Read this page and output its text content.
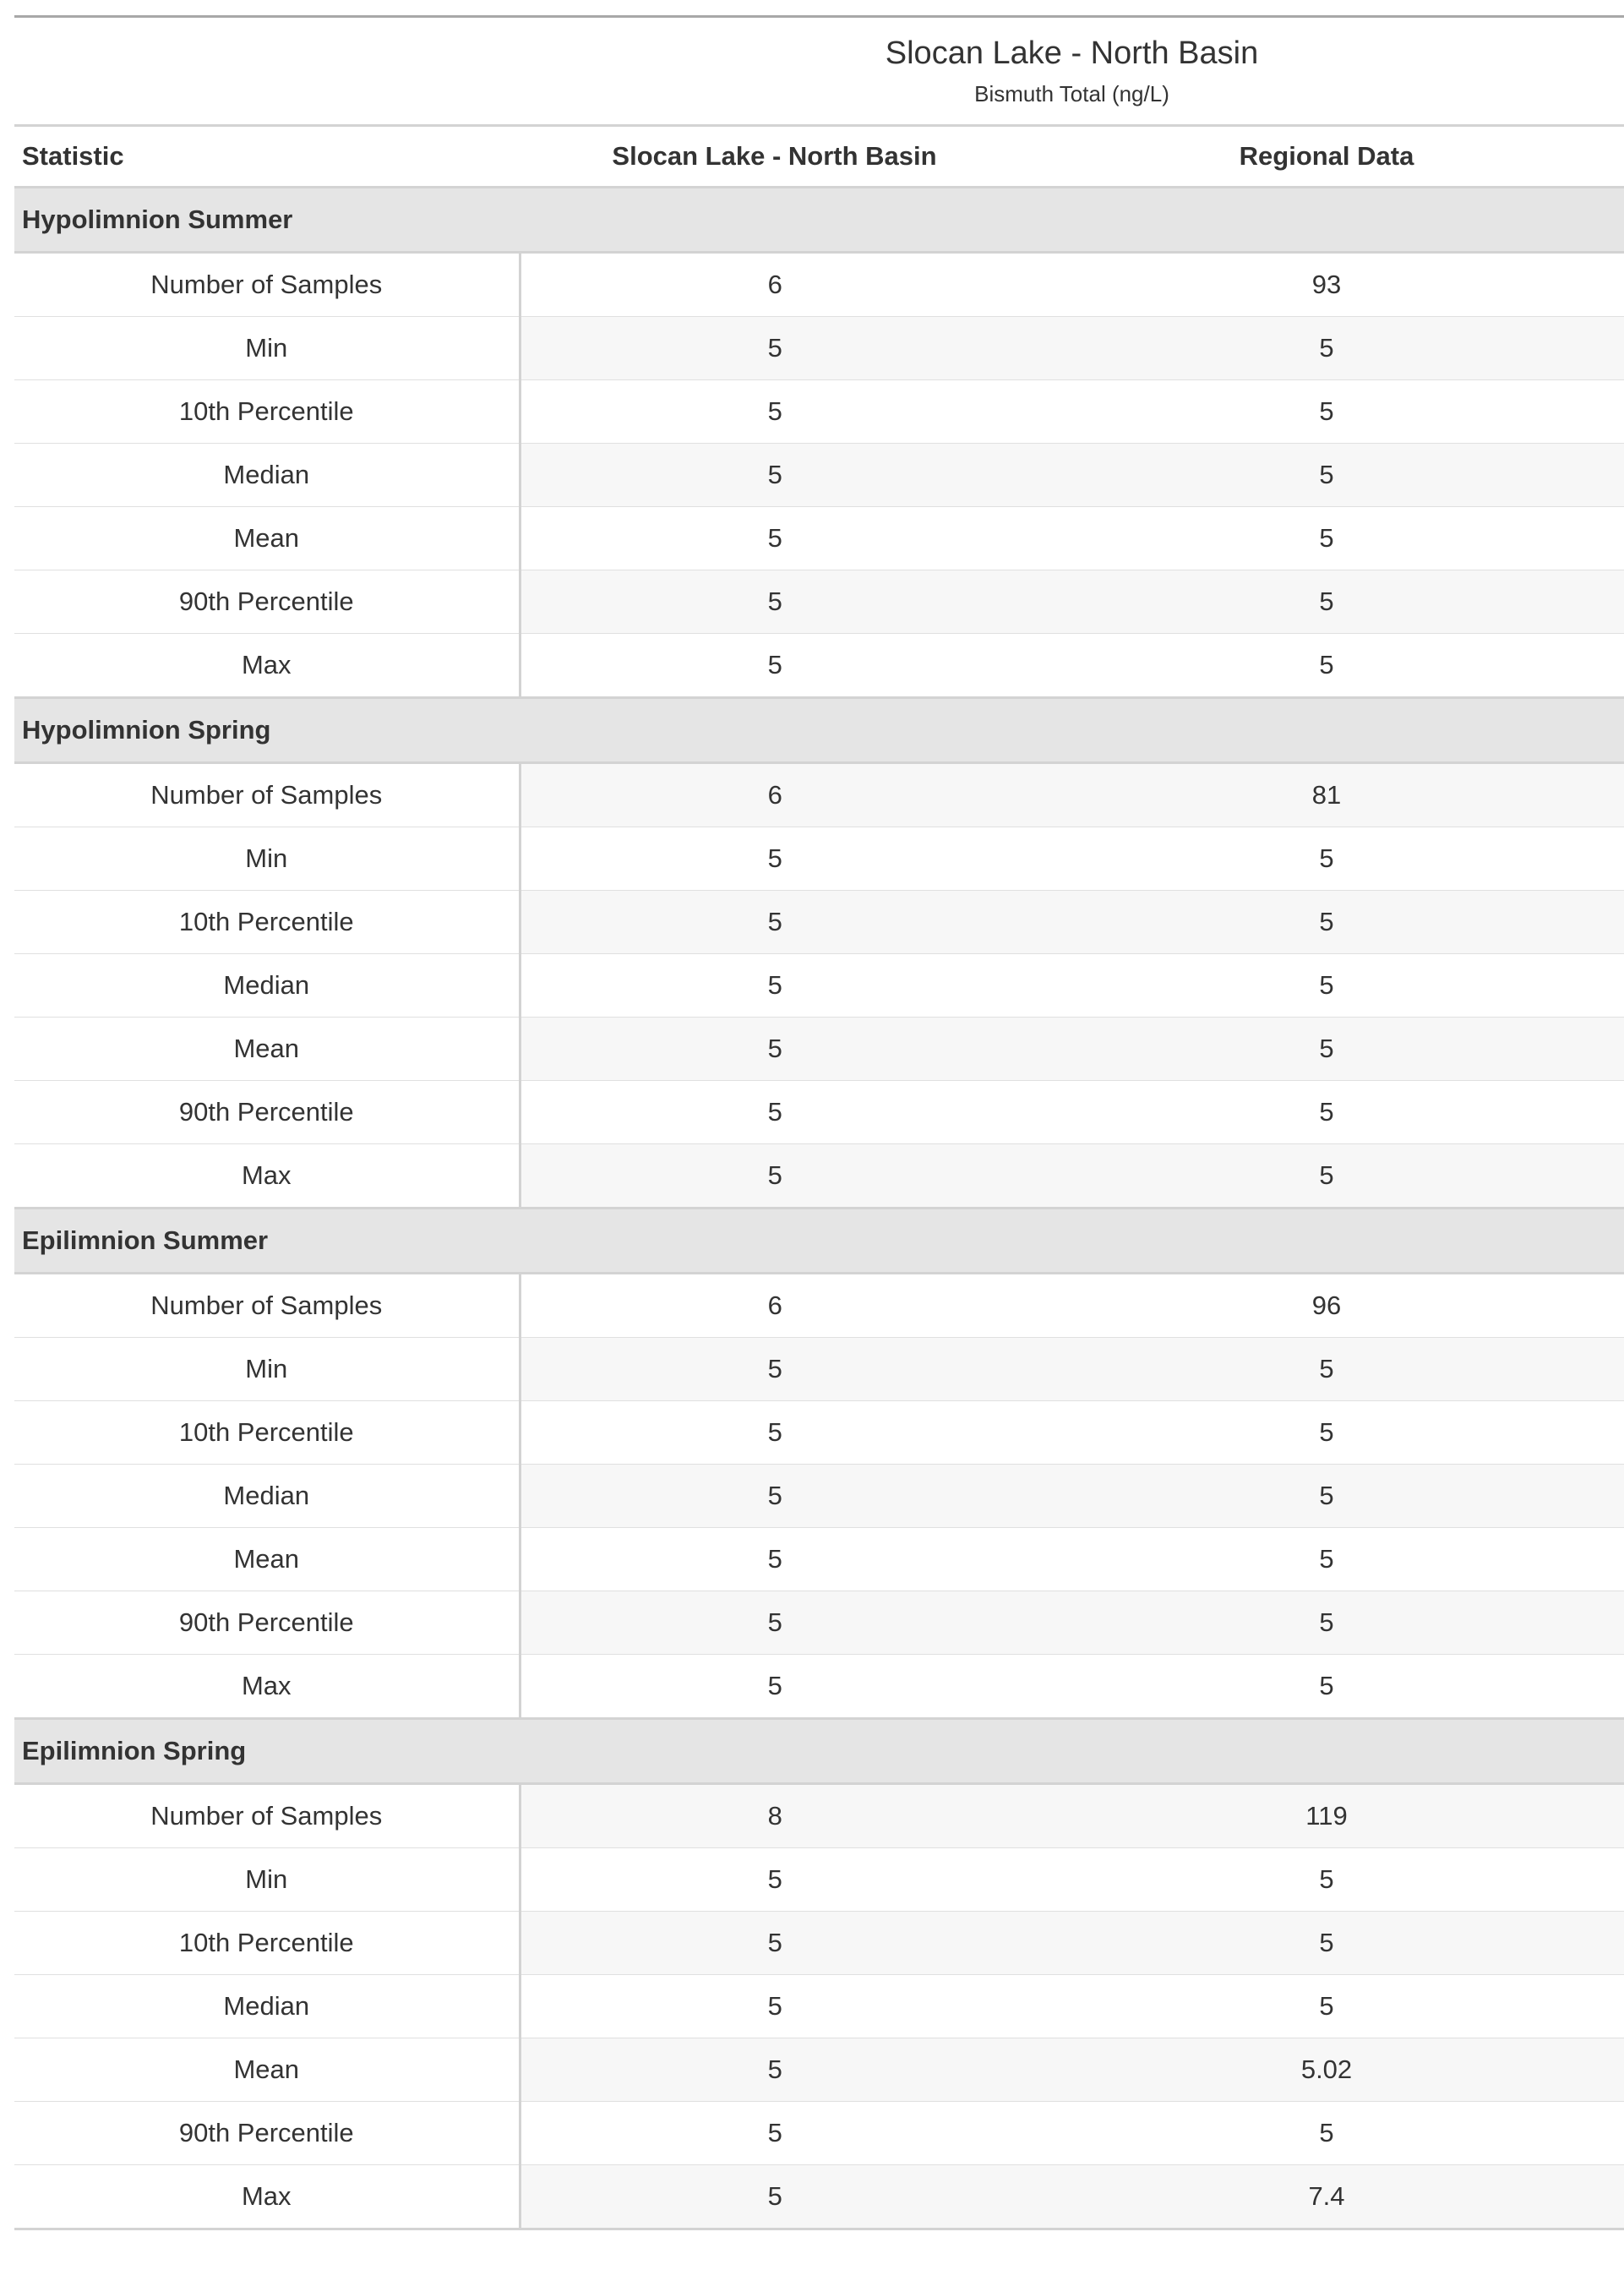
Slocan Lake - North Basin
Bismuth Total (ng/L)		

Statistic	Slocan Lake - North Basin	Regional Data
Hypolimnion Summer		
Number of Samples	6	93
Min	5	5
10th Percentile	5	5
Median	5	5
Mean	5	5
90th Percentile	5	5
Max	5	5
Hypolimnion Spring		
Number of Samples	6	81
Min	5	5
10th Percentile	5	5
Median	5	5
Mean	5	5
90th Percentile	5	5
Max	5	5
Epilimnion Summer		
Number of Samples	6	96
Min	5	5
10th Percentile	5	5
Median	5	5
Mean	5	5
90th Percentile	5	5
Max	5	5
Epilimnion Spring		
Number of Samples	8	119
Min	5	5
10th Percentile	5	5
Median	5	5
Mean	5	5.02
90th Percentile	5	5
Max	5	7.4
